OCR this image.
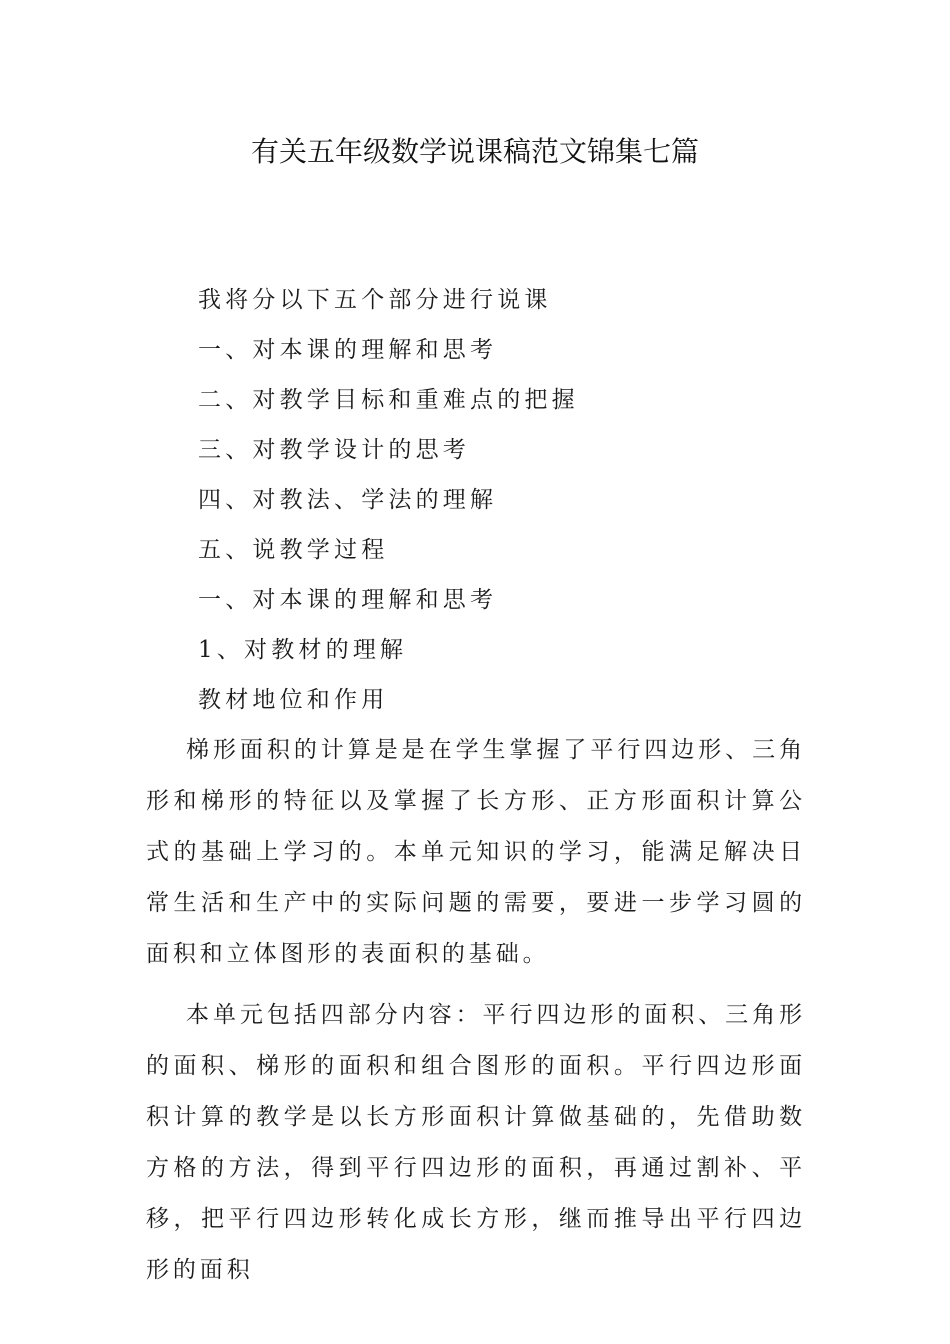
有关五年级数学说课稿范文锦集七篇
我将分以下五个部分进行说课
一、对本课的理解和思考
二、对教学目标和重难点的把握
三、对教学设计的思考
四、对教法、学法的理解
五、说教学过程
一、对本课的理解和思考
1、对教材的理解
教材地位和作用

梯形面积的计算是是在学生掌握了平行四边形、三角形和梯形的特征以及掌握了长方形、正方形面积计算公式的基础上学习的。本单元知识的学习，能满足解决日常生活和生产中的实际问题的需要，要进一步学习圆的面积和立体图形的表面积的基础。

本单元包括四部分内容：平行四边形的面积、三角形的面积、梯形的面积和组合图形的面积。平行四边形面积计算的教学是以长方形面积计算做基础的，先借助数方格的方法，得到平行四边形的面积，再通过割补、平移，把平行四边形转化成长方形，继而推导出平行四边形的面积
